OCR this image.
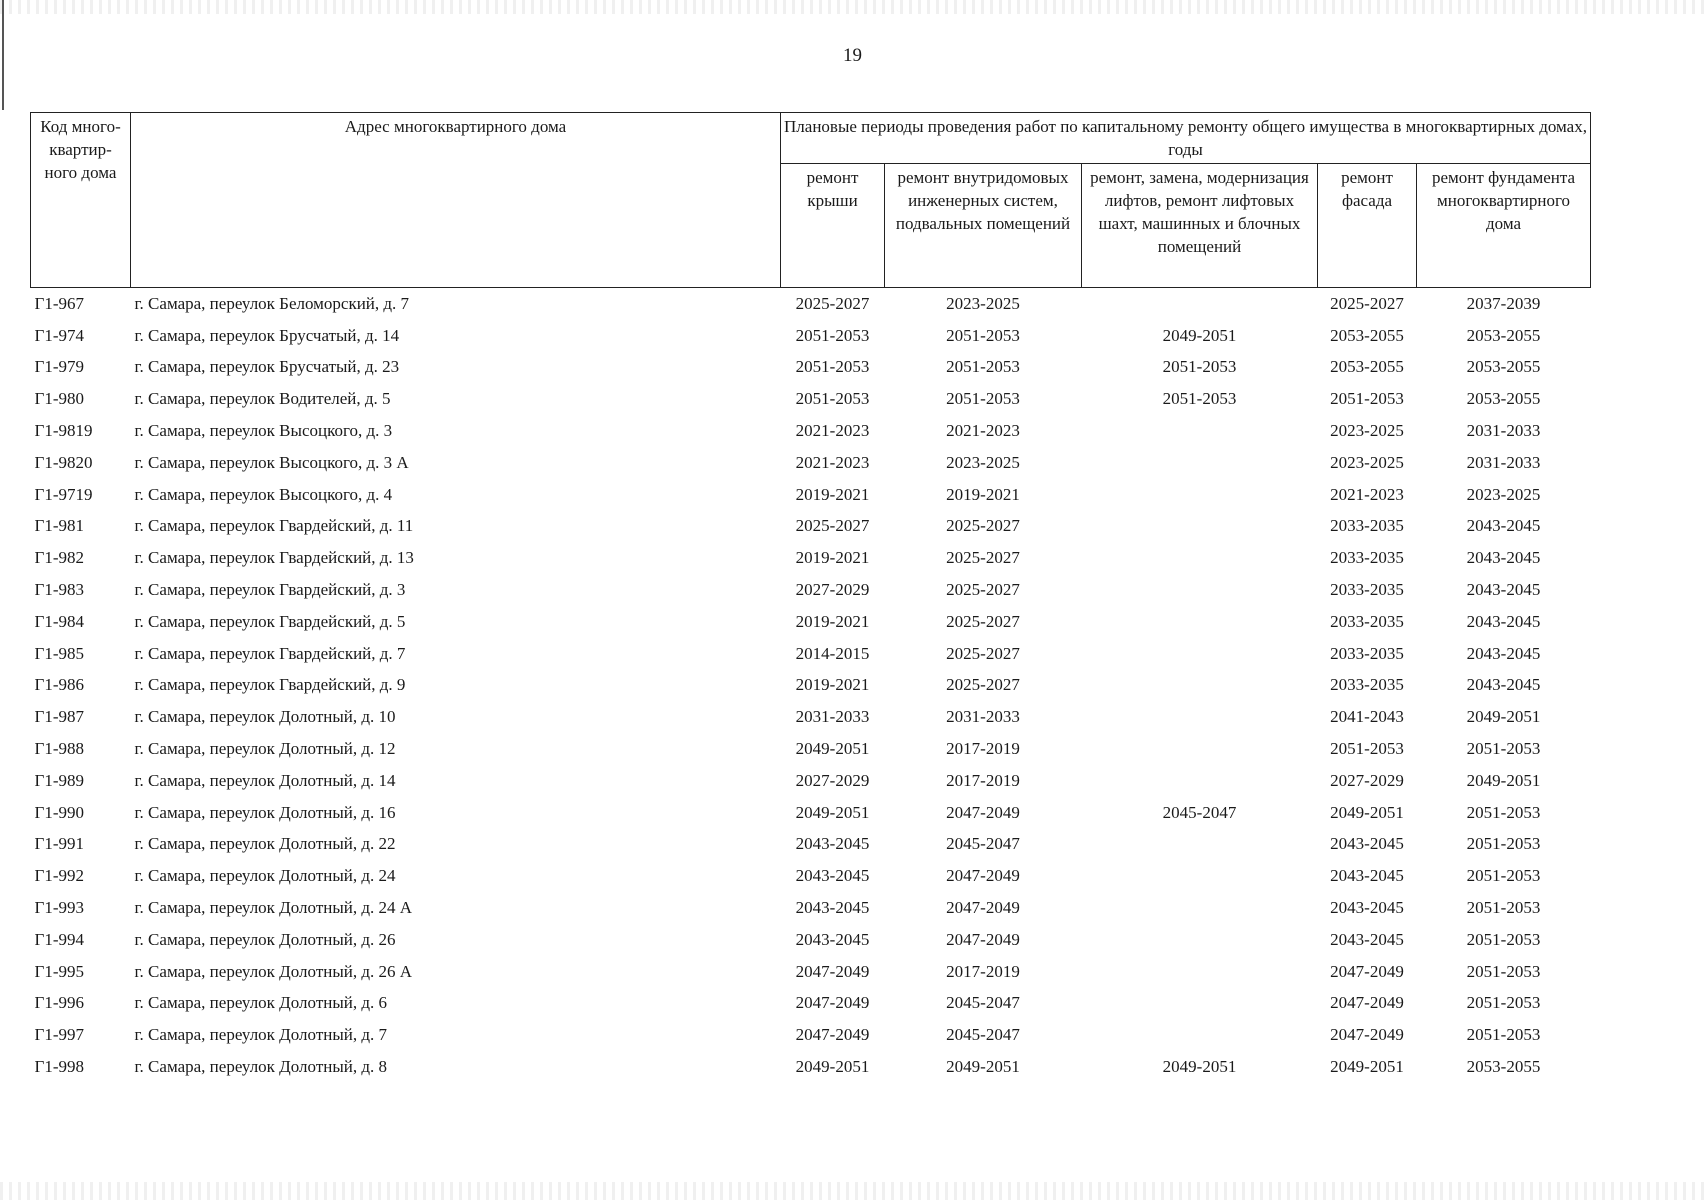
19
Код много-квартир-ного дома	Адрес многоквартирного дома	Плановые периоды проведения работ по капитальному ремонту общего имущества в многоквартирных домах, годы				
		ремонт крыши	ремонт внутридомовых инженерных систем, подвальных помещений	ремонт, замена, модернизация лифтов, ремонт лифтовых шахт, машинных и блочных помещений	ремонт фасада	ремонт фундамента многоквартирного дома
Г1-967	г. Самара, переулок Беломорский, д. 7	2025-2027	2023-2025		2025-2027	2037-2039
Г1-974	г. Самара, переулок Брусчатый, д. 14	2051-2053	2051-2053	2049-2051	2053-2055	2053-2055
Г1-979	г. Самара, переулок Брусчатый, д. 23	2051-2053	2051-2053	2051-2053	2053-2055	2053-2055
Г1-980	г. Самара, переулок Водителей, д. 5	2051-2053	2051-2053	2051-2053	2051-2053	2053-2055
Г1-9819	г. Самара, переулок Высоцкого, д. 3	2021-2023	2021-2023		2023-2025	2031-2033
Г1-9820	г. Самара, переулок Высоцкого, д. 3 А	2021-2023	2023-2025		2023-2025	2031-2033
Г1-9719	г. Самара, переулок Высоцкого, д. 4	2019-2021	2019-2021		2021-2023	2023-2025
Г1-981	г. Самара, переулок Гвардейский, д. 11	2025-2027	2025-2027		2033-2035	2043-2045
Г1-982	г. Самара, переулок Гвардейский, д. 13	2019-2021	2025-2027		2033-2035	2043-2045
Г1-983	г. Самара, переулок Гвардейский, д. 3	2027-2029	2025-2027		2033-2035	2043-2045
Г1-984	г. Самара, переулок Гвардейский, д. 5	2019-2021	2025-2027		2033-2035	2043-2045
Г1-985	г. Самара, переулок Гвардейский, д. 7	2014-2015	2025-2027		2033-2035	2043-2045
Г1-986	г. Самара, переулок Гвардейский, д. 9	2019-2021	2025-2027		2033-2035	2043-2045
Г1-987	г. Самара, переулок Долотный, д. 10	2031-2033	2031-2033		2041-2043	2049-2051
Г1-988	г. Самара, переулок Долотный, д. 12	2049-2051	2017-2019		2051-2053	2051-2053
Г1-989	г. Самара, переулок Долотный, д. 14	2027-2029	2017-2019		2027-2029	2049-2051
Г1-990	г. Самара, переулок Долотный, д. 16	2049-2051	2047-2049	2045-2047	2049-2051	2051-2053
Г1-991	г. Самара, переулок Долотный, д. 22	2043-2045	2045-2047		2043-2045	2051-2053
Г1-992	г. Самара, переулок Долотный, д. 24	2043-2045	2047-2049		2043-2045	2051-2053
Г1-993	г. Самара, переулок Долотный, д. 24 А	2043-2045	2047-2049		2043-2045	2051-2053
Г1-994	г. Самара, переулок Долотный, д. 26	2043-2045	2047-2049		2043-2045	2051-2053
Г1-995	г. Самара, переулок Долотный, д. 26 А	2047-2049	2017-2019		2047-2049	2051-2053
Г1-996	г. Самара, переулок Долотный, д. 6	2047-2049	2045-2047		2047-2049	2051-2053
Г1-997	г. Самара, переулок Долотный, д. 7	2047-2049	2045-2047		2047-2049	2051-2053
Г1-998	г. Самара, переулок Долотный, д. 8	2049-2051	2049-2051	2049-2051	2049-2051	2053-2055
